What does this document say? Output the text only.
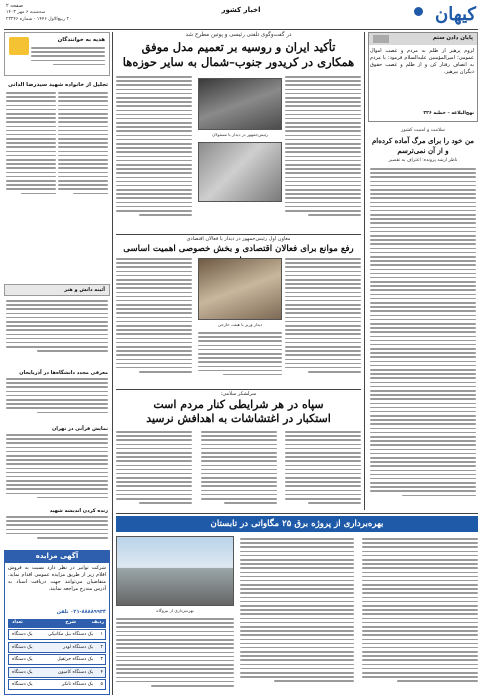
کیهان
اخبار کشور
صفحه ۲
سه‌شنبه ۶ مهر ۱۴۰۳
۲۰ ربیع‌الاول ۱۴۴۶ - شماره ۲۳۲۴۶
هدیه به خوانندگان
تجلیل از خانواده شهید سیدرضا الدانی
آئینه دانش و هنر
معرفی مجدد دانشگاه‌ها در آذربایجان
نمایش قرآنی در تهران
زنده کردن اندیشه شهید
آگهی مزایده
شرکت توانیر در نظر دارد نسبت به فروش اقلام زیر از طریق مزایده عمومی اقدام نماید. متقاضیان می‌توانند جهت دریافت اسناد به آدرس مندرج مراجعه نمایند.
۰۲۱-۸۸۸۸۹۹۳۴ تلفن
ردیف
شرح
تعداد
۱
یک دستگاه بیل مکانیکی
یک دستگاه
۲
یک دستگاه لودر
یک دستگاه
۳
یک دستگاه جرثقیل
یک دستگاه
۴
یک دستگاه کامیون
یک دستگاه
۵
یک دستگاه تانکر
یک دستگاه
در گفت‌وگوی تلفنی رئیسی و پوتین مطرح شد
تأکید ایران و روسیه بر تعمیم مدل موفق
همکاری در کریدور جنوب–شمال به سایر حوزه‌ها
رئیس‌جمهور در دیدار با مسئولان
معاون اول رئیس‌جمهور در دیدار با فعالان اقتصادی
رفع موانع برای فعالان اقتصادی و بخش خصوصی اهمیت اساسی
دیدار وزیر با هیئت خارجی
سرلشکر سلامی:
سپاه در هر شرایطی کنار مردم است
استکبار در اغتشاشات به اهدافش نرسید
پایان دادن ستم
لزوم پرهیز از ظلم به مردم و غصب اموال عمومی؛ امیرالمؤمنین علیه‌السلام فرمود: با مردم به انصاف رفتار کن و از ظلم و غصب حقوق دیگران بپرهیز.
نهج‌البلاغه – خطبه ۲۲۶
سلامت و امنیت کشور
من خود را برای مرگ آماده کرده‌ام
و از آن نمی‌ترسم
ناظر ارشد پرونده: اعتراف به تقصیر
بهره‌برداری از پروژه برق ۲۵ مگاواتی در تابستان
بهره‌برداری از نیروگاه
